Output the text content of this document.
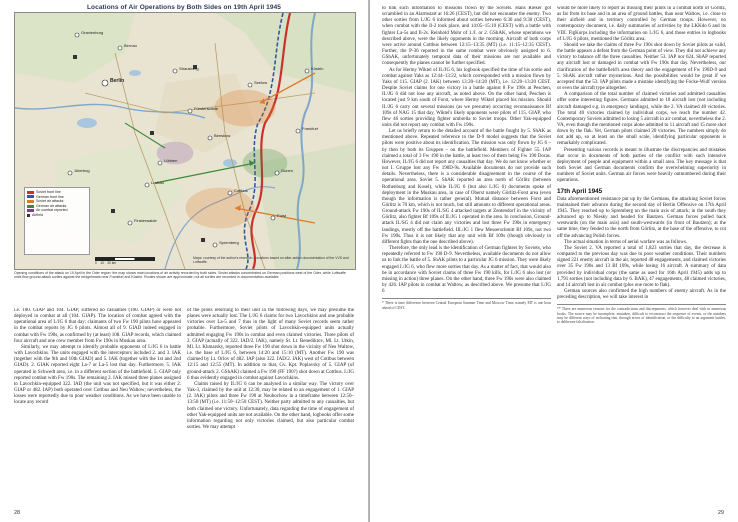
Locations of Air Operations by Both Sides on 19th April 1945
Oranienburg
Bernau
Berlin
Strausberg
Fürstenwalde
Seelow
Küstrin
Frankfurt
Beeskow
Guben
Cottbus
Forst
Spremberg
Finsterwalde
Jüterbog
Luckau
Lübben
Soviet front line
German front line
Soviet air attacks
German air attacks
Air combat reported
Airfield
0    10    20 km
Maps: courtesy of the author's research. Locations based on after-action documentation of the VVS and Luftwaffe.
Opening conditions of the attack on 19 April in the Oder region: the map shows main locations of air activity recorded by both sides. Soviet attacks concentrated on German positions west of the Oder, while Luftwaffe units flew ground-attack sorties against the bridgeheads near Frankfurt and Küstrin. Routes shown are approximate; not all sorties are recorded in documentation available.

i.e. 100. GIAP and 104. GIAP, suffered no casualties (100. GIAP) or were not deployed in combat at all (104. GIAP). The location of combat agreed with the operational area of I./JG 6 that day; claimants of two Fw 190 pilots have appeared in the combat reports by JG 6 pilots. Almost all of 9. GIAD indeed engaged in combat with Fw 190s, as confirmed by (at least) 108. GIAP records, which claimed four aircraft and one crew member from Fw 190s in Muskau area.

Similarly, we may attempt to identify probable opponents of I./JG 6 in battle with Lavochkins. The units engaged with the interceptors included 2. and 3. IAK (together with the 9th and 10th GIAD) and 5. IAK (together with the 1st and 2nd GIAD). 2. GIAK reported eight La-7 or La-5 lost that day. Furthermore, 5. IAK operated in Schwedt area, i.e. in a different section of the battlefield. 5. GIAP only reported combat with Fw 190s. The remaining 2. IAK missed three planes assigned to Lavochkin-equipped 322. IAD (the unit was not specified, but it was either 2. GIAP or 482. IAP) both operated over Cottbus and Neu Waltow; nevertheless, the losses were reportedly due to poor weather conditions. As we have been unable to locate any record

of the pilots returning to their unit in the following days, we may presume the planes were actually lost. The I./JG 6 claims for two Lavochkins and one probable victories over La-5 and 7 thus in the light of many Soviet records seem rather probable. Furthermore, Soviet pilots of Lavochkin-equipped units actually admitted engaging Fw 190s in combat and even claimed victories. Three pilots of 2. GIAP (actually of 322. IAD/2. IAK), namely St. Lt. Benediktov, Ml. Lt. Utkin, Ml. Lt. Khmarsky, reported three Fw 190 shot down in the vicinity of Neu Waltow, i.e. the base of I./JG 6, between 14:20 and 15:10 (MT). Another Fw 190 was claimed by Lt. Orlov of 482. IAP (also 322. IAD/2. IAK) west of Cottbus between 12:15 and 12:55 (MT). In addition to that, Gv. Kpt. Poplavsky of 5. GIAP (of ground-attack 2. GShAK) claimed a Fw 190 (FF 190?) shot down at Cottbus. I./JG 6 thus evidently engaged in combat against Lavochkins.

Claims raised by II./JG 6 can be analysed in a similar way. The victory over Yak-3, claimed by the unit at 12:30, may be related to an engagement of 1. GIAP (2. IAK) pilots and three Fw 190 at Neubochow in a timeframe between 12:50–13:50 (MT) (i.e. 11:50–12:50 CEST). Neither party admitted to any casualties, but both claimed one victory. Unfortunately, data regarding the time of engagement of other Yak-equipped units are not available. On the other hand, logbooks offer some information regarding not only victories claimed, but also particular combat sorties. We may attempt

28

to link such information to missions flown by the Soviets. Hans Rieker got scrambled in an Alarmstart at 16:26 (CEST), but did not encounter the enemy. Two other sorties from I./JG 6 informed about sorties between 6:30 and 9:30 (CEST), when combat with the Il-2 took place, and 14:05–15:10 (CEST) with a battle with fighter La-5s and Il-2s. Reinhold Mohr of 1./I. or 2. GShAK, whose operations we described above, were the likely opponents in the morning. Aircraft of both corps were active around Cottbus between 12:15–13:35 (MT) (i.e. 11:15–12:35 CEST). Further, the P-36 reported in the same combat were obviously assigned to 6. GShAK, unfortunately temporal data of their missions are not available and consequently the planes cannot be further specified.

As for Hermy Wiktel of II./JG 6, his logbook specified the time of his sortie and combat against Yaks as 12:44–13:22, which corresponded with a mission flown by Yaks of 115. GIAP (2. IAK) between 13:20–14:20 (MT), i.e. 12:20–13:20 CEST. Despite Soviet claims for one victory in a battle against 8 Fw 190s at Peschen, II./JG 6 did not lose any aircraft, as noted above. On the other hand, Peschen is located just 9 km south of Forst, where Hermy Wiktel placed his mission. Should II./JG 6 carry out several missions (as we presume) occurring reconnaissance Bf 109s of NAG 15 that day, Wiktel's likely opponents were pilots of 115. GIAP, who flew 46 sorties providing fighter umbrella to Soviet troops. Other Yak-equipped units did not report any combat with Fw 190s.

Let us briefly return to the detailed account of the battle fought by 5. ShAK as mentioned above. Repeated reference to the D-9 model suggests that the Soviet pilots were positive about its identification. The mission was only flown by JG 6 – by then by both its Gruppen – on the battlefield. Members of Fighter 55. IAP claimed a total of 3 Fw 190 in the battle, at least two of them being Fw 190 Doras. However, II./JG 6 did not report any casualties that day. We do not know whether or not I. Gruppe lost any Fw 190D-9s. Available documents do not provide such details. Nevertheless, there is a considerable disagreement in the course of the operational area. Soviet 5. ShAK reported an area north of Görlitz (between Rothenburg and Kosel), while II./JG 6 (but also I./JG 6) documents spoke of deployment in the Muskau area, in case of Oberst namely Görlitz-Forst area (even though the information is rather general). Mutual distance between Forst and Görlitz is 70 km, which is not much, but still amounts to different operational areas. Ground-attack Fw 190s of II./SG 4 attacked targets at Zentendorf in the vicinity of Görlitz, also fighter Bf 109s of II./JG 1 operated in the area. In conclusion, Ground-attack II./SG 4 did not claim any victories and lost three Fw 190s in emergency landings, mostly off the battlefield. III./JG 1 flew Messerschmitt Bf 109s, not two Fw 190s. Thus it is not likely that any unit with Bf 109s (though obviously in different fights than the one described above).

Therefore, the only lead is the identification of German fighters by Soviets, who repeatedly referred to Fw 190 D-9. Nevertheless, available documents do not allow us to link the battle of 5. ShAK pilots to a particular JG 6 mission. They were likely engaged I./JG 6, who flew more sorties that day. As a matter of fact, that would also be in accordance with Soviet claims of three Fw 190 kills, for I./JG 6 also lost (or missing in action) three planes. On the other hand, three Fw 190s were also claimed by 426. IAP pilots in combat at Waltow, as described above. We presume that I./JG 6

* There is time difference between Central European Summer Time and Moscow Time, namely MT is one hour ahead of CEST.

would be more likely to report as missing their pilots in a combat north of Görlitz, as far from its base and in an area of ground battles, than near Waltow, i.e. close to their airfield and in territory controlled by German troops. However, no contemporary document, i.e. daily summaries of activities by the LKKdo 6 and its VIII. FlgKorps including the information on I./JG 6, and those entries in logbooks of I./JG 6 pilots, mentioned the Görlitz area.

Should we take the claims of three Fw 190s shot down by Soviet pilots as valid, the battle appears a defeat from the German point of view. They did not achieve any victory to balance off the three casualties. Neither 53. IAP nor 624. ShAP reported any aircraft lost or damaged in combat with Fw 190s that day. Nevertheless, our clarification of the battlefield's area theory and the engagement of Fw 190D-9 and 5. ShAK aircraft rather mysterious. And the possibilities would be great if we accepted that the 53. IAP pilots made a mistake identifying the Focke-Wulf version or even the aircraft type altogether.

A comparison of the total number of claimed victories and admitted casualties offer some interesting figures. Germans admitted to 10 aircraft lost (not including aircraft damaged e.g. in emergency landings), while the 2. VA claimed 40 victories. The total 40 victories claimed by individual corps, we reach the number 42. Contemporary Soviets admitted to losing 5 aircraft in air combat, nevertheless the 2. VA, even though the mentioned corps alone admitted to 11 aircraft and 15 more shot down by the flak. Yet, German pilots claimed 20 victories. The numbers simply do not add up, so at least on the small scale, identifying particular opponents is remarkably complicated.

Presenting various records is meant to illustrate the discrepancies and mistakes that occur in documents of both parties of the conflict with such intensive deployment of people and equipment within a small area. The key message is that both Soviet and German documents confirm the overwhelming superiority in numbers of Soviet units. German air forces were heavily outnumbered during their operations.

17th April 1945

Data aforementioned resistance put up by the Germans, the attacking Soviet forces maintained their advance during the second day of Berlin Offensive on 17th April 1945. They reached up to Spremberg on the main axis of attack; in the south they advanced up to Niesky and headed for Bautzen. German forces pulled back westwards (on the main axis) and south-westwards (in front of Bautzen); at the same time, they fended to the north from Görlitz, at the base of the offensive, to cut off the advancing Polish forces.

The actual situation in terms of aerial warfare was as follows.

The Soviet 2. VA reported a total of 1,823 sorties that day, the decrease is compared to the previous day was due to poor weather conditions. Their numbers signed 221 enemy aircraft in the air, reported 48 engagements, and claimed victories over 35 Fw 190s and 13 Bf 109s, while losing 16 aircraft. A summary of data provided by individual corps (the same as used for 16th April 1945) adds up to 1,791 sorties (not including data by 6. BAK), 47 engagements, 48 claimed victories, and 14 aircraft lost in air combat (plus one more to flak).

German sources also confirmed the high numbers of enemy aircraft. As in the preceding description, we will take interest in

** There are numerous reasons for the contradictions and discrepancies, which however deal with in numerous books. The source may be incomplete, mistaken, difficult to reconstruct the sequence of events, or the numbers may be different ways of reckoning that, through errors of identification, or the difficulty to an argument battles, to deliberate falsification.
29
